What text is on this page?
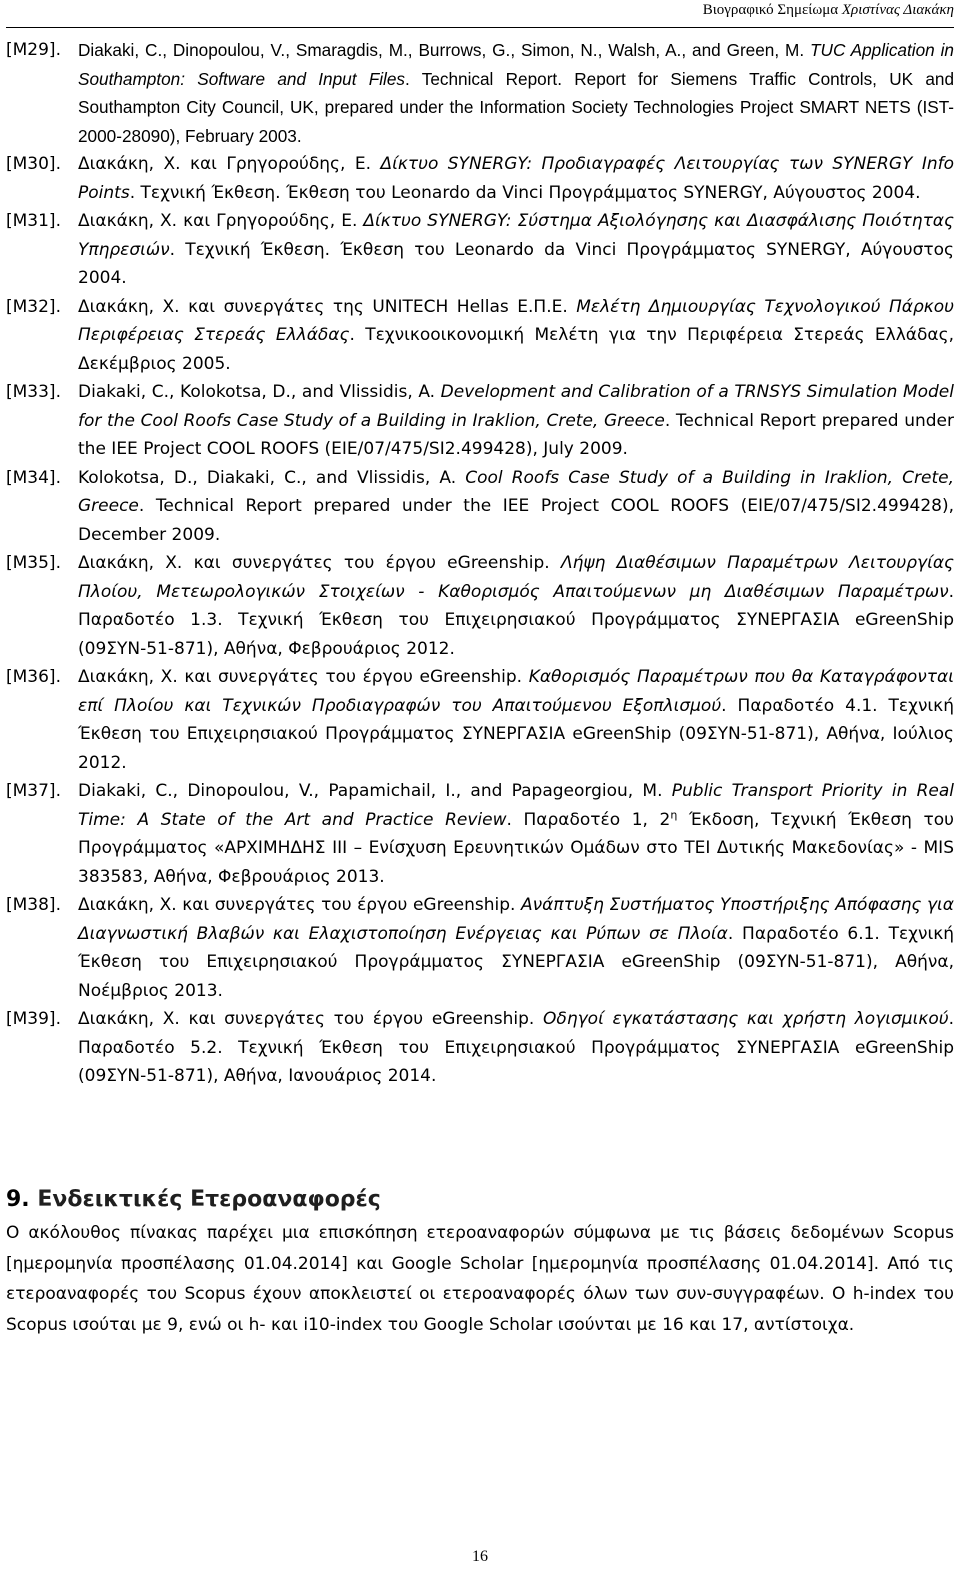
Βιογραφικό Σημείωμα Χριστίνας Διακάκη

[M29]. Diakaki, C., Dinopoulou, V., Smaragdis, M., Burrows, G., Simon, N., Walsh, A., and Green, M. TUC Application in Southampton: Software and Input Files. Technical Report. Report for Siemens Traffic Controls, UK and Southampton City Council, UK, prepared under the Information Society Technologies Project SMART NETS (IST-2000-28090), February 2003.

[M30].	Διακάκη, Χ. και Γρηγορούδης, Ε. Δίκτυο SYNERGY: Προδιαγραφές Λειτουργίας των SYNERGY Info Points. Τεχνική Έκθεση. Έκθεση του Leonardo da Vinci Προγράμματος SYNERGY, Αύγουστος 2004.

[M31].	Διακάκη, Χ. και Γρηγορούδης, Ε. Δίκτυο SYNERGY: Σύστημα Αξιολόγησης και Διασφάλισης Ποιότητας Υπηρεσιών. Τεχνική Έκθεση. Έκθεση του Leonardo da Vinci Προγράμματος SYNERGY, Αύγουστος 2004.

[M32].	Διακάκη, Χ. και συνεργάτες της UNITECH Hellas Ε.Π.Ε. Μελέτη Δημιουργίας Τεχνολογικού Πάρκου Περιφέρειας Στερεάς Ελλάδας. Τεχνικοοικονομική Μελέτη για την Περιφέρεια Στερεάς Ελλάδας, Δεκέμβριος 2005.

[M33].	Diakaki, C., Kolokotsa, D., and Vlissidis, A. Development and Calibration of a TRNSYS Simulation Model for the Cool Roofs Case Study of a Building in Iraklion, Crete, Greece. Technical Report prepared under the IEE Project COOL ROOFS (EIE/07/475/SI2.499428), July 2009.

[M34].	Kolokotsa, D., Diakaki, C., and Vlissidis, A. Cool Roofs Case Study of a Building in Iraklion, Crete, Greece. Technical Report prepared under the IEE Project COOL ROOFS (EIE/07/475/SI2.499428), December 2009.

[M35].	Διακάκη, Χ. και συνεργάτες του έργου eGreenship. Λήψη Διαθέσιμων Παραμέτρων Λειτουργίας Πλοίου, Μετεωρολογικών Στοιχείων - Καθορισμός Απαιτούμενων μη Διαθέσιμων Παραμέτρων. Παραδοτέο 1.3. Τεχνική Έκθεση του Επιχειρησιακού Προγράμματος ΣΥΝΕΡΓΑΣΙΑ eGreenShip (09ΣΥΝ-51-871), Αθήνα, Φεβρουάριος 2012.

[M36].	Διακάκη, Χ. και συνεργάτες του έργου eGreenship. Καθορισμός Παραμέτρων που θα Καταγράφονται επί Πλοίου και Τεχνικών Προδιαγραφών του Απαιτούμενου Εξοπλισμού. Παραδοτέο 4.1. Τεχνική Έκθεση του Επιχειρησιακού Προγράμματος ΣΥΝΕΡΓΑΣΙΑ eGreenShip (09ΣΥΝ-51-871), Αθήνα, Ιούλιος 2012.

[M37].	Diakaki, C., Dinopoulou, V., Papamichail, I., and Papageorgiou, M. Public Transport Priority in Real Time: A State of the Art and Practice Review. Παραδοτέο 1, $2^\eta$ Έκδοση, Τεχνική Έκθεση του Προγράμματος «ΑΡΧΙΜΗΔΗΣ ΙΙΙ – Ενίσχυση Ερευνητικών Ομάδων στο ΤΕΙ Δυτικής Μακεδονίας» - MIS 383583, Αθήνα, Φεβρουάριος 2013.

[M38].	Διακάκη, Χ. και συνεργάτες του έργου eGreenship. Ανάπτυξη Συστήματος Υποστήριξης Απόφασης για Διαγνωστική Βλαβών και Ελαχιστοποίηση Ενέργειας και Ρύπων σε Πλοία. Παραδοτέο 6.1. Τεχνική Έκθεση του Επιχειρησιακού Προγράμματος ΣΥΝΕΡΓΑΣΙΑ eGreenShip (09ΣΥΝ-51-871), Αθήνα, Νοέμβριος 2013.

[M39].	Διακάκη, Χ. και συνεργάτες του έργου eGreenship. Οδηγοί εγκατάστασης και χρήστη λογισμικού. Παραδοτέο 5.2. Τεχνική Έκθεση του Επιχειρησιακού Προγράμματος ΣΥΝΕΡΓΑΣΙΑ eGreenShip (09ΣΥΝ-51-871), Αθήνα, Ιανουάριος 2014.

9. Ενδεικτικές Ετεροαναφορές

Ο ακόλουθος πίνακας παρέχει μια επισκόπηση ετεροαναφορών σύμφωνα με τις βάσεις δεδομένων Scopus [ημερομηνία προσπέλασης 01.04.2014] και Google Scholar [ημερομηνία προσπέλασης 01.04.2014]. Από τις ετεροαναφορές του Scopus έχουν αποκλειστεί οι ετεροαναφορές όλων των συν-συγγραφέων. Ο h-index του Scopus ισούται με 9, ενώ οι h- και i10-index του Google Scholar ισούνται με 16 και 17, αντίστοιχα.

16
